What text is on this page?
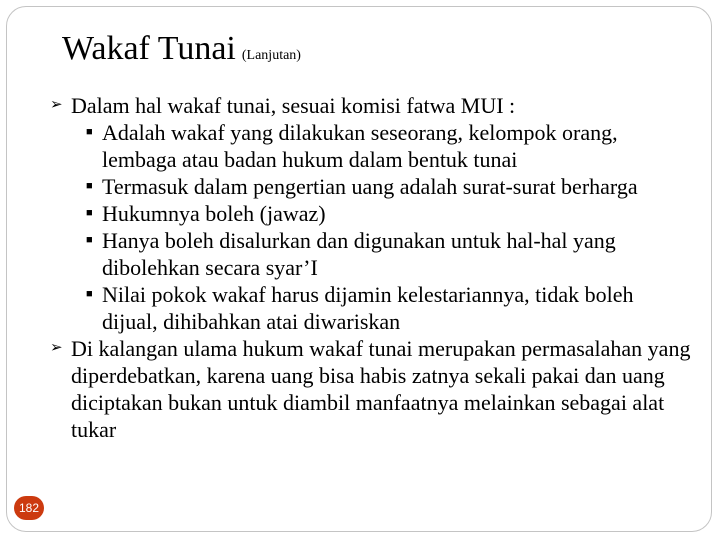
Wakaf Tunai (Lanjutan)
➢ Dalam hal wakaf tunai, sesuai komisi fatwa MUI :
■ Adalah wakaf yang dilakukan seseorang, kelompok orang, lembaga atau badan hukum dalam bentuk tunai
■ Termasuk dalam pengertian uang adalah surat-surat berharga
■ Hukumnya boleh (jawaz)
■ Hanya boleh disalurkan dan digunakan untuk hal-hal yang dibolehkan secara syar’I
■ Nilai pokok wakaf harus dijamin kelestariannya, tidak boleh dijual, dihibahkan atai diwariskan
➢ Di kalangan ulama hukum wakaf tunai merupakan permasalahan yang diperdebatkan, karena uang bisa habis zatnya sekali pakai dan uang diciptakan bukan untuk diambil manfaatnya melainkan sebagai alat tukar
182
